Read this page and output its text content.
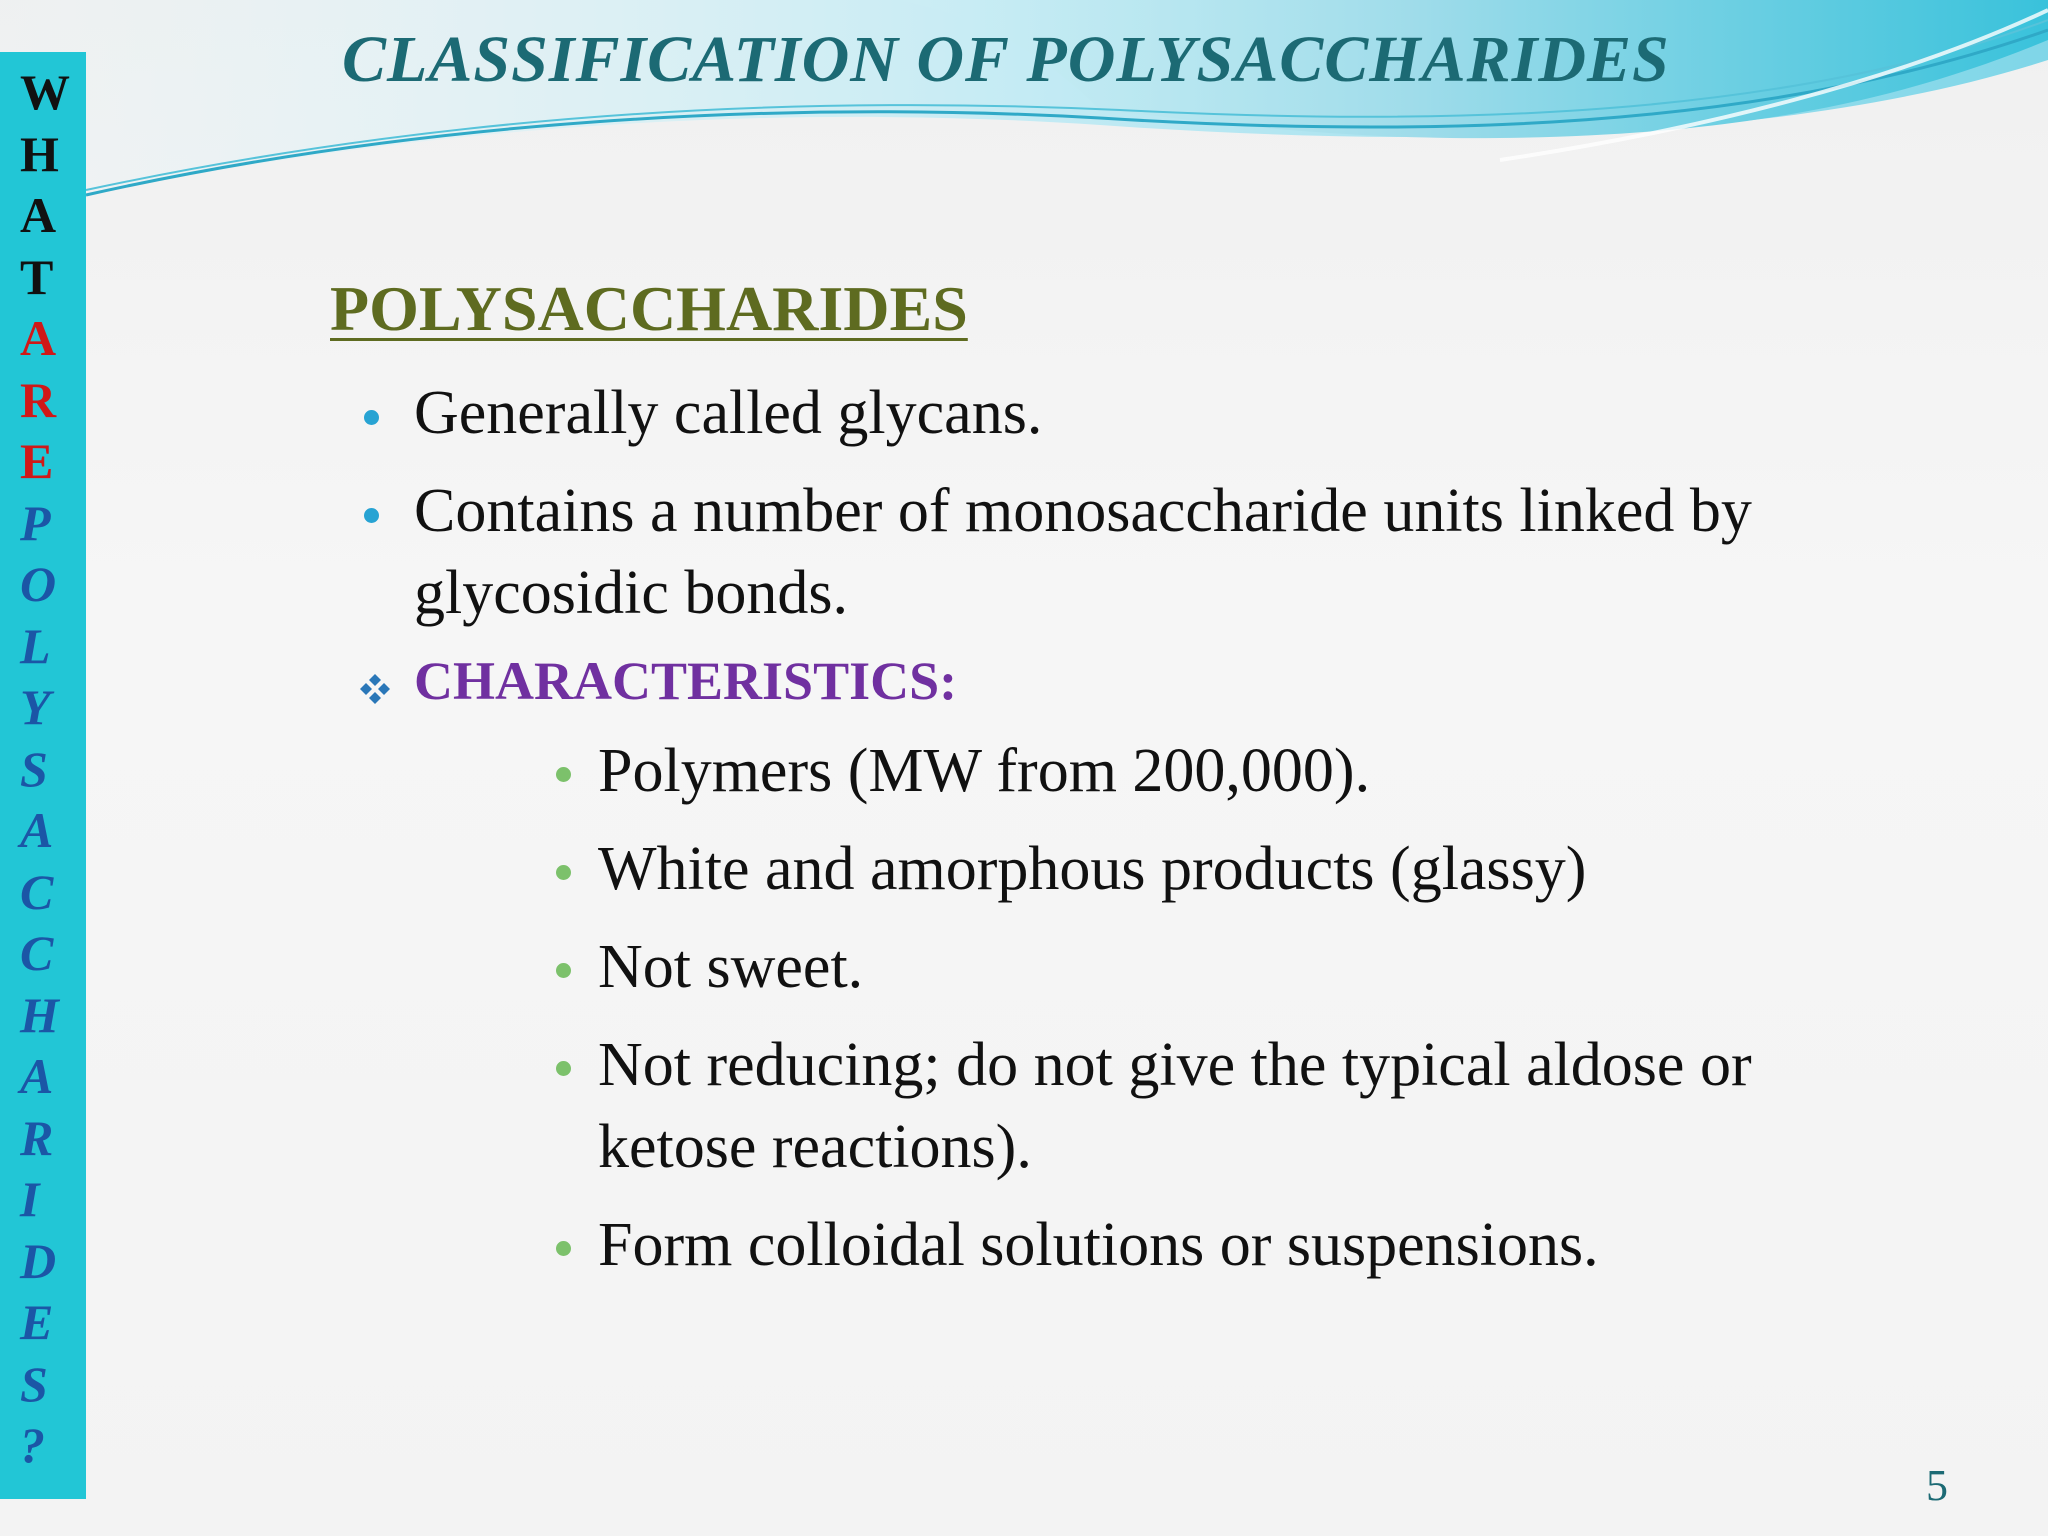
W
H
A
T
A
R
E
P
O
L
Y
S
A
C
C
H
A
R
I
D
E
S
?
CLASSIFICATION OF POLYSACCHARIDES
POLYSACCHARIDES

Generally called glycans.

Contains a number of monosaccharide units linked by

glycosidic bonds.

CHARACTERISTICS:

Polymers (MW from 200,000).

White and amorphous products (glassy)

Not sweet.

Not reducing; do not give the typical aldose or

ketose reactions).

Form colloidal solutions or suspensions.

5
